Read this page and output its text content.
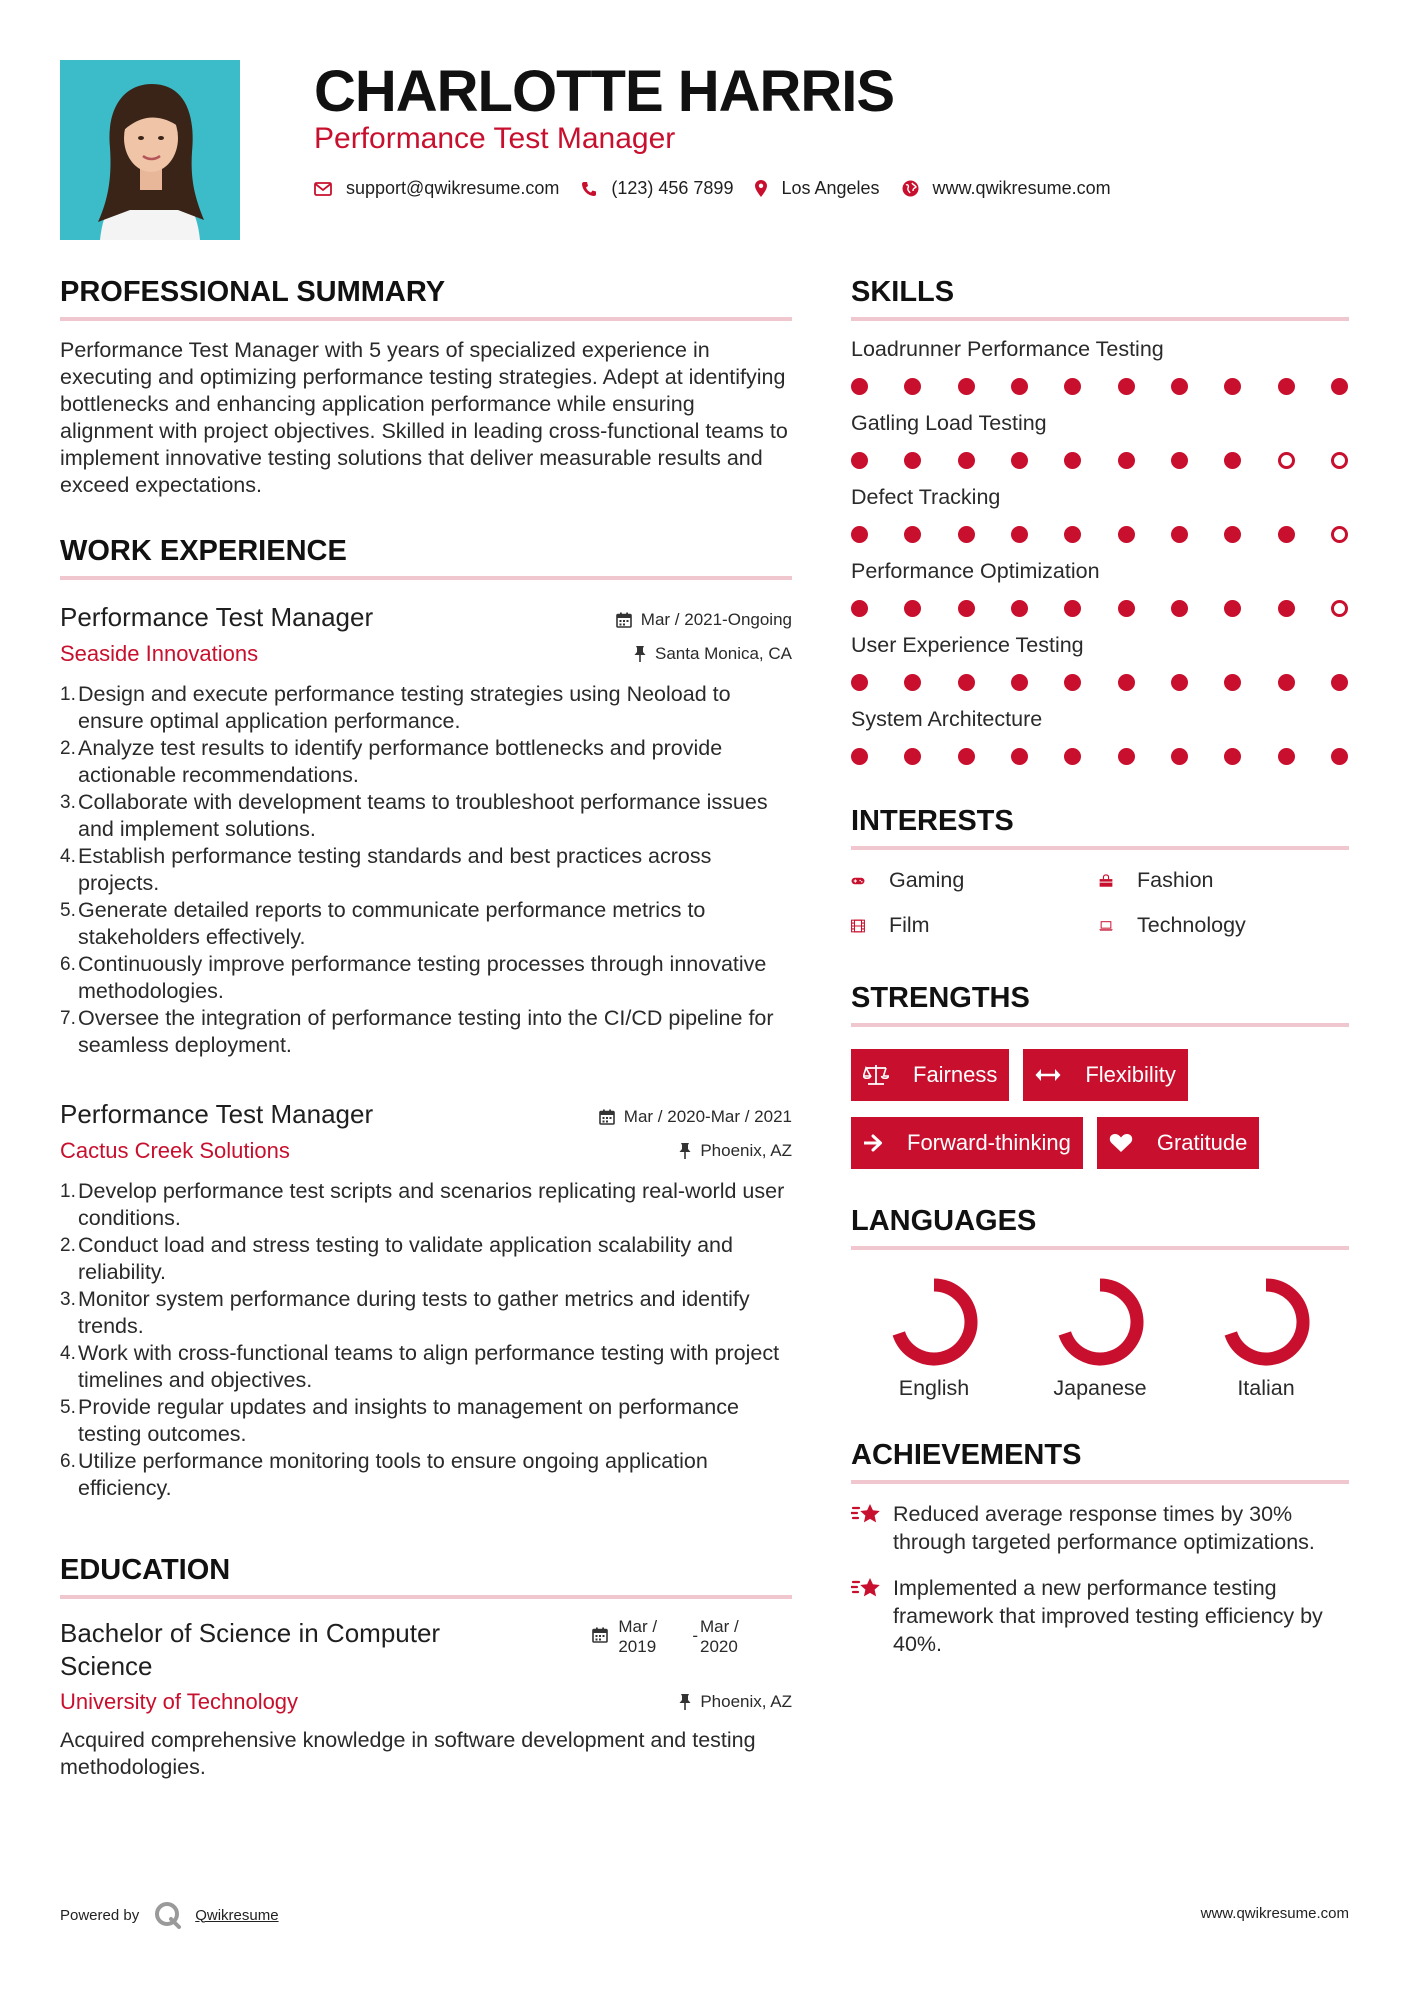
CHARLOTTE HARRIS
Performance Test Manager
support@qwikresume.com	(123) 456 7899	Los Angeles	www.qwikresume.com
PROFESSIONAL SUMMARY

Performance Test Manager with 5 years of specialized experience in executing and optimizing performance testing strategies. Adept at identifying bottlenecks and enhancing application performance while ensuring alignment with project objectives. Skilled in leading cross-functional teams to implement innovative testing solutions that deliver measurable results and exceed expectations.

WORK EXPERIENCE
Performance Test Manager	Mar / 2021-Ongoing
Seaside Innovations	Santa Monica, CA
1. Design and execute performance testing strategies using Neoload to ensure optimal application performance.
2. Analyze test results to identify performance bottlenecks and provide actionable recommendations.
3. Collaborate with development teams to troubleshoot performance issues and implement solutions.
4. Establish performance testing standards and best practices across projects.
5. Generate detailed reports to communicate performance metrics to stakeholders effectively.
6. Continuously improve performance testing processes through innovative methodologies.
7. Oversee the integration of performance testing into the CI/CD pipeline for seamless deployment.
Performance Test Manager	Mar / 2020-Mar / 2021
Cactus Creek Solutions	Phoenix, AZ
1. Develop performance test scripts and scenarios replicating real-world user conditions.
2. Conduct load and stress testing to validate application scalability and reliability.
3. Monitor system performance during tests to gather metrics and identify trends.
4. Work with cross-functional teams to align performance testing with project timelines and objectives.
5. Provide regular updates and insights to management on performance testing outcomes.
6. Utilize performance monitoring tools to ensure ongoing application efficiency.
EDUCATION
Bachelor of Science in Computer Science
Mar / 2019
- Mar / 2020
University of Technology	Phoenix, AZ

Acquired comprehensive knowledge in software development and testing methodologies.

SKILLS
Loadrunner Performance Testing
Gatling Load Testing
Defect Tracking
Performance Optimization
User Experience Testing
System Architecture
INTERESTS
Gaming	Fashion
Film	Technology
STRENGTHS
Fairness	Flexibility
Forward-thinking	Gratitude
LANGUAGES
English	Japanese	Italian
ACHIEVEMENTS
Reduced average response times by 30% through targeted performance optimizations.
Implemented a new performance testing framework that improved testing efficiency by 40%.
Powered by	Qwikresume	www.qwikresume.com
